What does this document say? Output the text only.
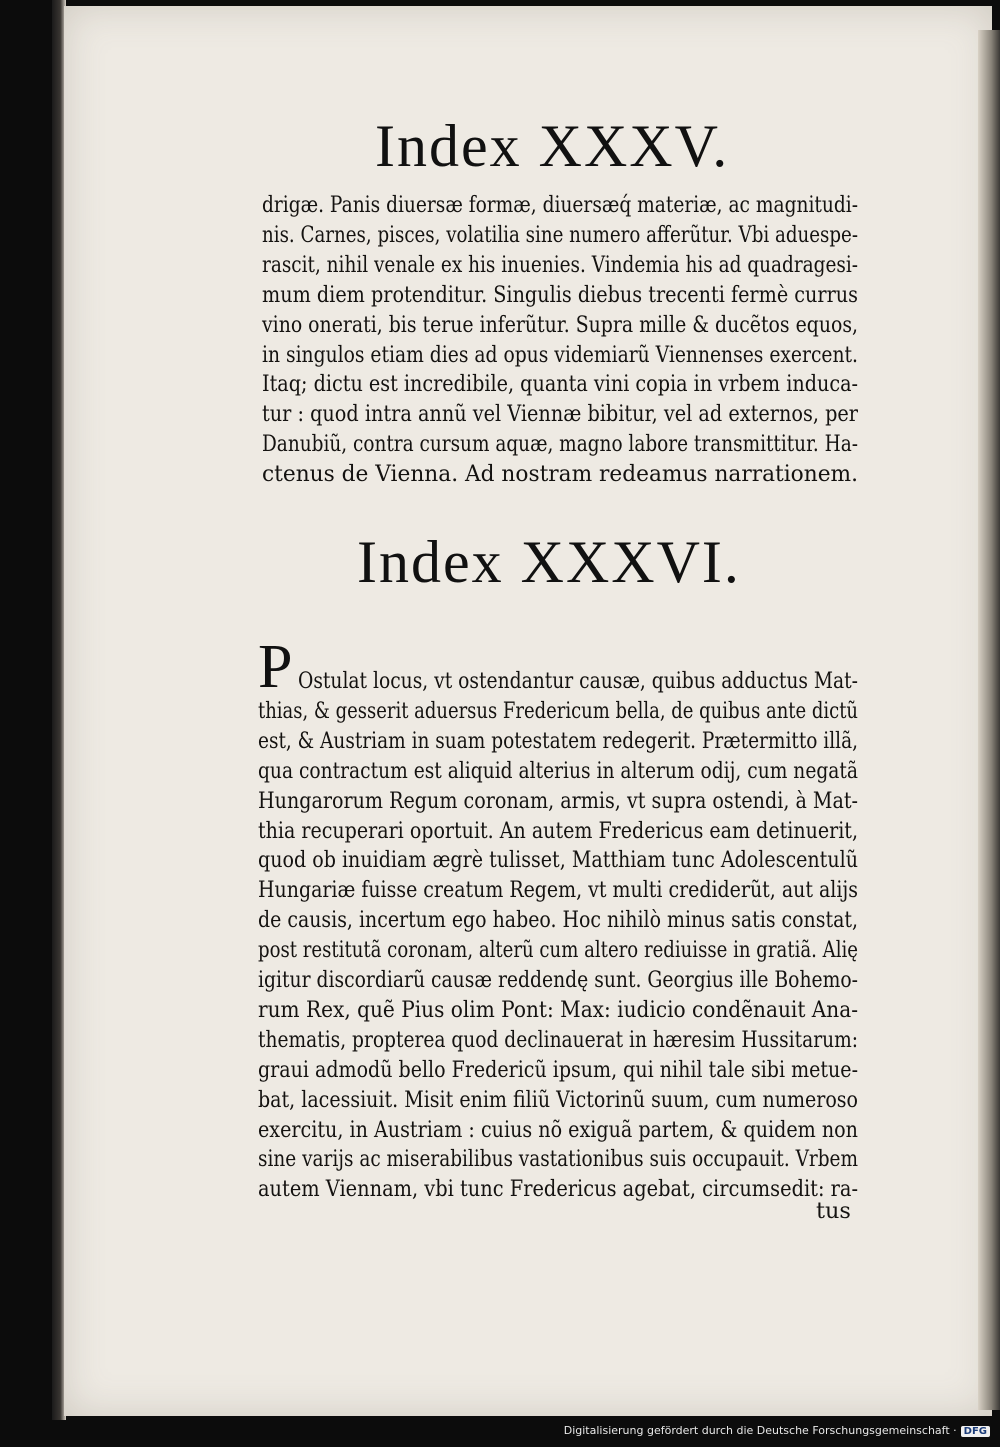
Index XXXV.
drigæ. Panis diuersæ formæ, diuersæq́ materiæ, ac magnitudi-
nis. Carnes, pisces, volatilia sine numero afferũtur. Vbi aduespe-
rascit, nihil venale ex his inuenies. Vindemia his ad quadragesi-
mum diem protenditur. Singulis diebus trecenti fermè currus
vino onerati, bis terue inferũtur. Supra mille & ducẽtos equos,
in singulos etiam dies ad opus videmiarũ Viennenses exercent.
Itaq; dictu est incredibile, quanta vini copia in vrbem induca-
tur : quod intra annũ vel Viennæ bibitur, vel ad externos, per
Danubiũ, contra cursum aquæ, magno labore transmittitur. Ha-
ctenus de Vienna. Ad nostram redeamus narrationem.
Index XXXVI.
P Ostulat locus, vt ostendantur causæ, quibus adductus Mat-
thias, & gesserit aduersus Fredericum bella, de quibus ante dictũ
est, & Austriam in suam potestatem redegerit. Prætermitto illã,
qua contractum est aliquid alterius in alterum odij, cum negatã
Hungarorum Regum coronam, armis, vt supra ostendi, à Mat-
thia recuperari oportuit. An autem Fredericus eam detinuerit,
quod ob inuidiam ægrè tulisset, Matthiam tunc Adolescentulũ
Hungariæ fuisse creatum Regem, vt multi crediderũt, aut alijs
de causis, incertum ego habeo. Hoc nihilò minus satis constat,
post restitutã coronam, alterũ cum altero rediuisse in gratiã. Alię
igitur discordiarũ causæ reddendę sunt. Georgius ille Bohemo-
rum Rex, quẽ Pius olim Pont: Max: iudicio condẽnauit Ana-
thematis, propterea quod declinauerat in hæresim Hussitarum:
graui admodũ bello Fredericũ ipsum, qui nihil tale sibi metue-
bat, lacessiuit. Misit enim filiũ Victorinũ suum, cum numeroso
exercitu, in Austriam : cuius nõ exiguã partem, & quidem non
sine varijs ac miserabilibus vastationibus suis occupauit. Vrbem
autem Viennam, vbi tunc Fredericus agebat, circumsedit: ra-
tus
Digitalisierung gefördert durch die Deutsche Forschungsgemeinschaft · DFG
